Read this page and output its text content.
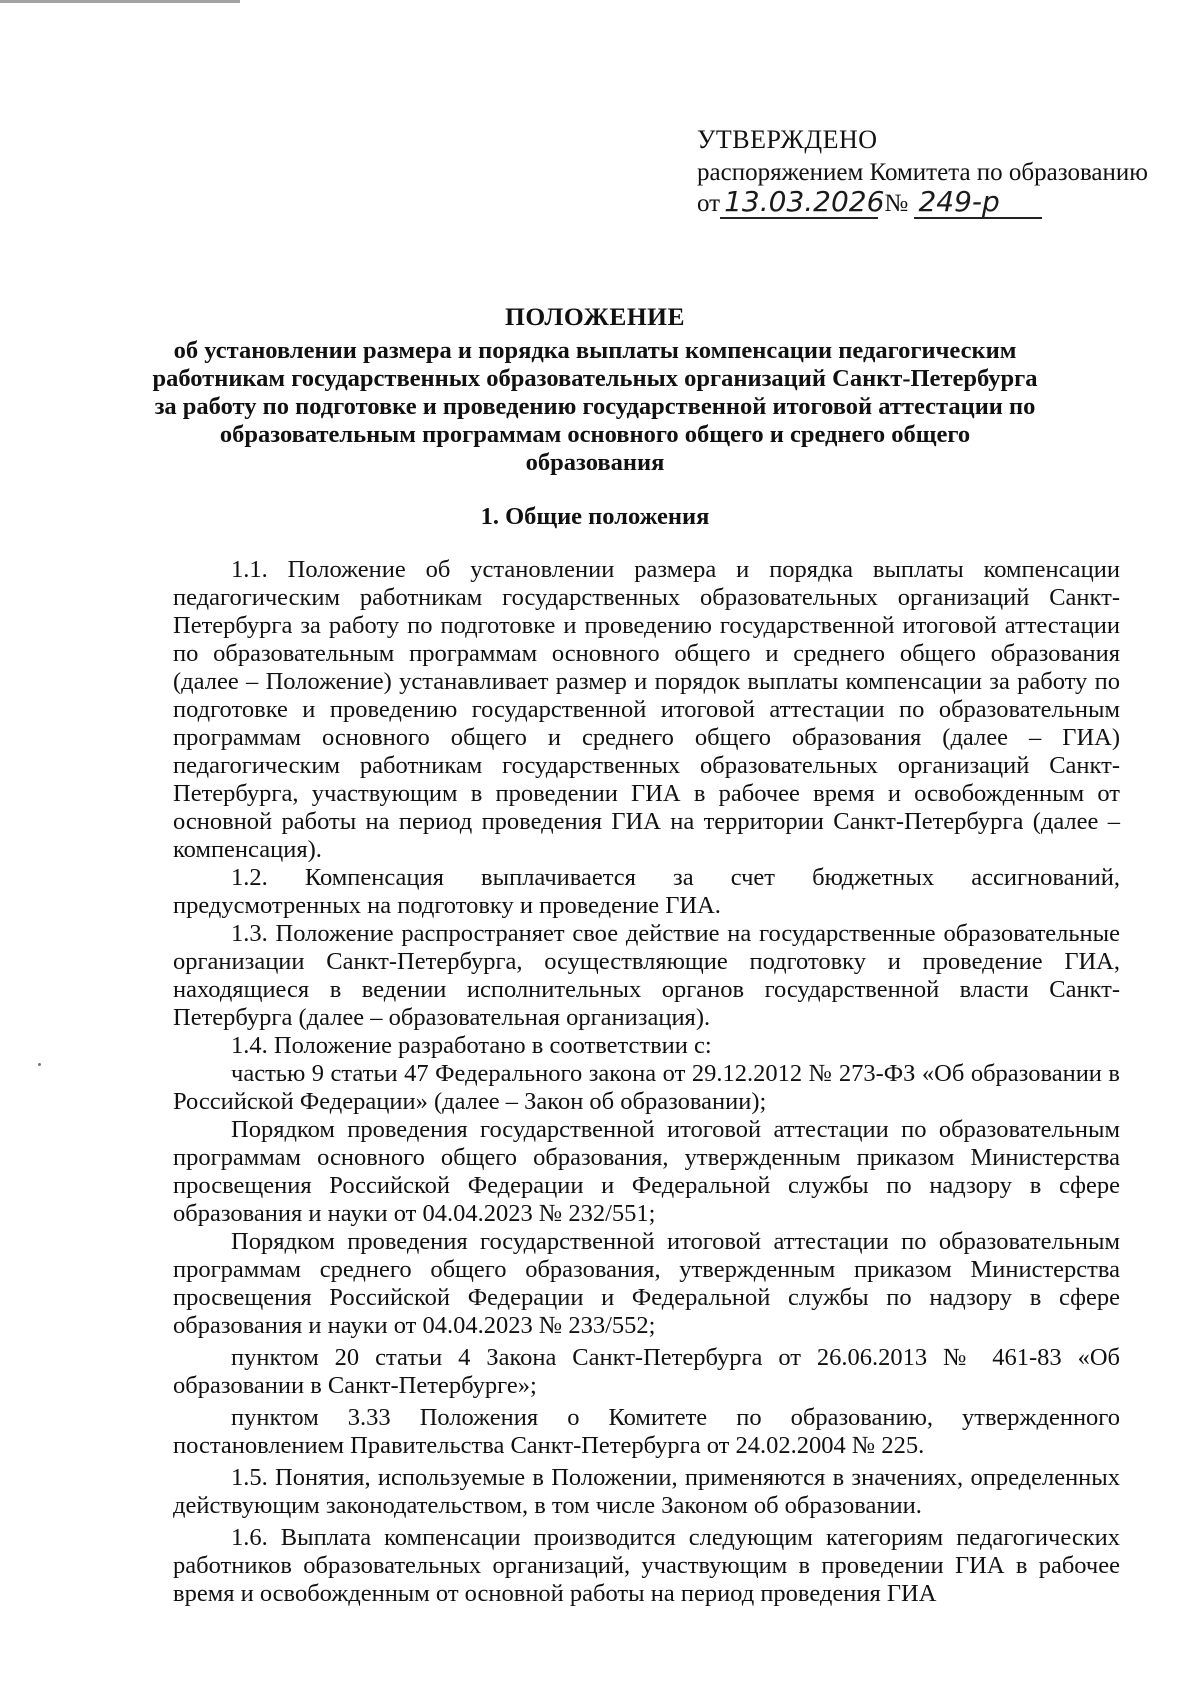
УТВЕРЖДЕНО
распоряжением Комитета по образованию
от 13.03.2026 № 249-р
ПОЛОЖЕНИЕ
об установлении размера и порядка выплаты компенсации педагогическим работникам государственных образовательных организаций Санкт-Петербурга за работу по подготовке и проведению государственной итоговой аттестации по образовательным программам основного общего и среднего общего образования
1. Общие положения

1.1. Положение об установлении размера и порядка выплаты компенсации педагогическим работникам государственных образовательных организаций Санкт-Петербурга за работу по подготовке и проведению государственной итоговой аттестации по образовательным программам основного общего и среднего общего образования (далее – Положение) устанавливает размер и порядок выплаты компенсации за работу по подготовке и проведению государственной итоговой аттестации по образовательным программам основного общего и среднего общего образования (далее – ГИА) педагогическим работникам государственных образовательных организаций Санкт-Петербурга, участвующим в проведении ГИА в рабочее время и освобожденным от основной работы на период проведения ГИА на территории Санкт-Петербурга (далее – компенсация).

1.2. Компенсация выплачивается за счет бюджетных ассигнований, предусмотренных на подготовку и проведение ГИА.

1.3. Положение распространяет свое действие на государственные образовательные организации Санкт-Петербурга, осуществляющие подготовку и проведение ГИА, находящиеся в ведении исполнительных органов государственной власти Санкт-Петербурга (далее – образовательная организация).

1.4. Положение разработано в соответствии с:

частью 9 статьи 47 Федерального закона от 29.12.2012 № 273-ФЗ «Об образовании в Российской Федерации» (далее – Закон об образовании);

Порядком проведения государственной итоговой аттестации по образовательным программам основного общего образования, утвержденным приказом Министерства просвещения Российской Федерации и Федеральной службы по надзору в сфере образования и науки от 04.04.2023 № 232/551;

Порядком проведения государственной итоговой аттестации по образовательным программам среднего общего образования, утвержденным приказом Министерства просвещения Российской Федерации и Федеральной службы по надзору в сфере образования и науки от 04.04.2023 № 233/552;

пунктом 20 статьи 4 Закона Санкт-Петербурга от 26.06.2013 № 461-83 «Об образовании в Санкт-Петербурге»;

пунктом 3.33 Положения о Комитете по образованию, утвержденного постановлением Правительства Санкт-Петербурга от 24.02.2004 № 225.

1.5. Понятия, используемые в Положении, применяются в значениях, определенных действующим законодательством, в том числе Законом об образовании.

1.6. Выплата компенсации производится следующим категориям педагогических работников образовательных организаций, участвующим в проведении ГИА в рабочее время и освобожденным от основной работы на период проведения ГИА
